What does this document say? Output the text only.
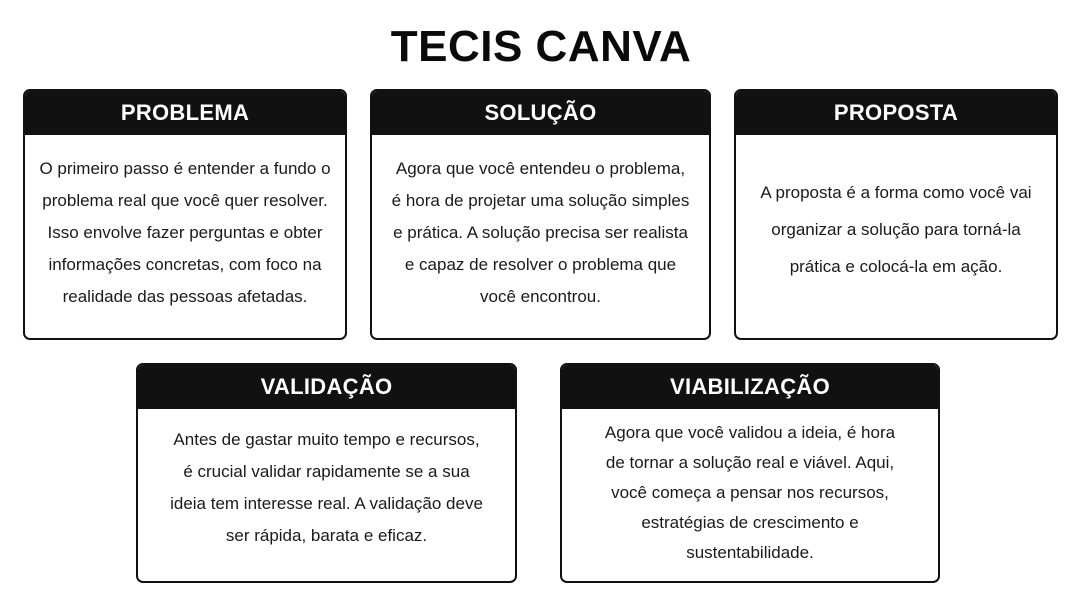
TECIS CANVA
PROBLEMA
O primeiro passo é entender a fundo o
problema real que você quer resolver.
Isso envolve fazer perguntas e obter
informações concretas, com foco na
realidade das pessoas afetadas.
SOLUÇÃO
Agora que você entendeu o problema,
é hora de projetar uma solução simples
e prática. A solução precisa ser realista
e capaz de resolver o problema que
você encontrou.
PROPOSTA
A proposta é a forma como você vai
organizar a solução para torná-la
prática e colocá-la em ação.
VALIDAÇÃO
Antes de gastar muito tempo e recursos,
é crucial validar rapidamente se a sua
ideia tem interesse real. A validação deve
ser rápida, barata e eficaz.
VIABILIZAÇÃO
Agora que você validou a ideia, é hora
de tornar a solução real e viável. Aqui,
você começa a pensar nos recursos,
estratégias de crescimento e
sustentabilidade.
